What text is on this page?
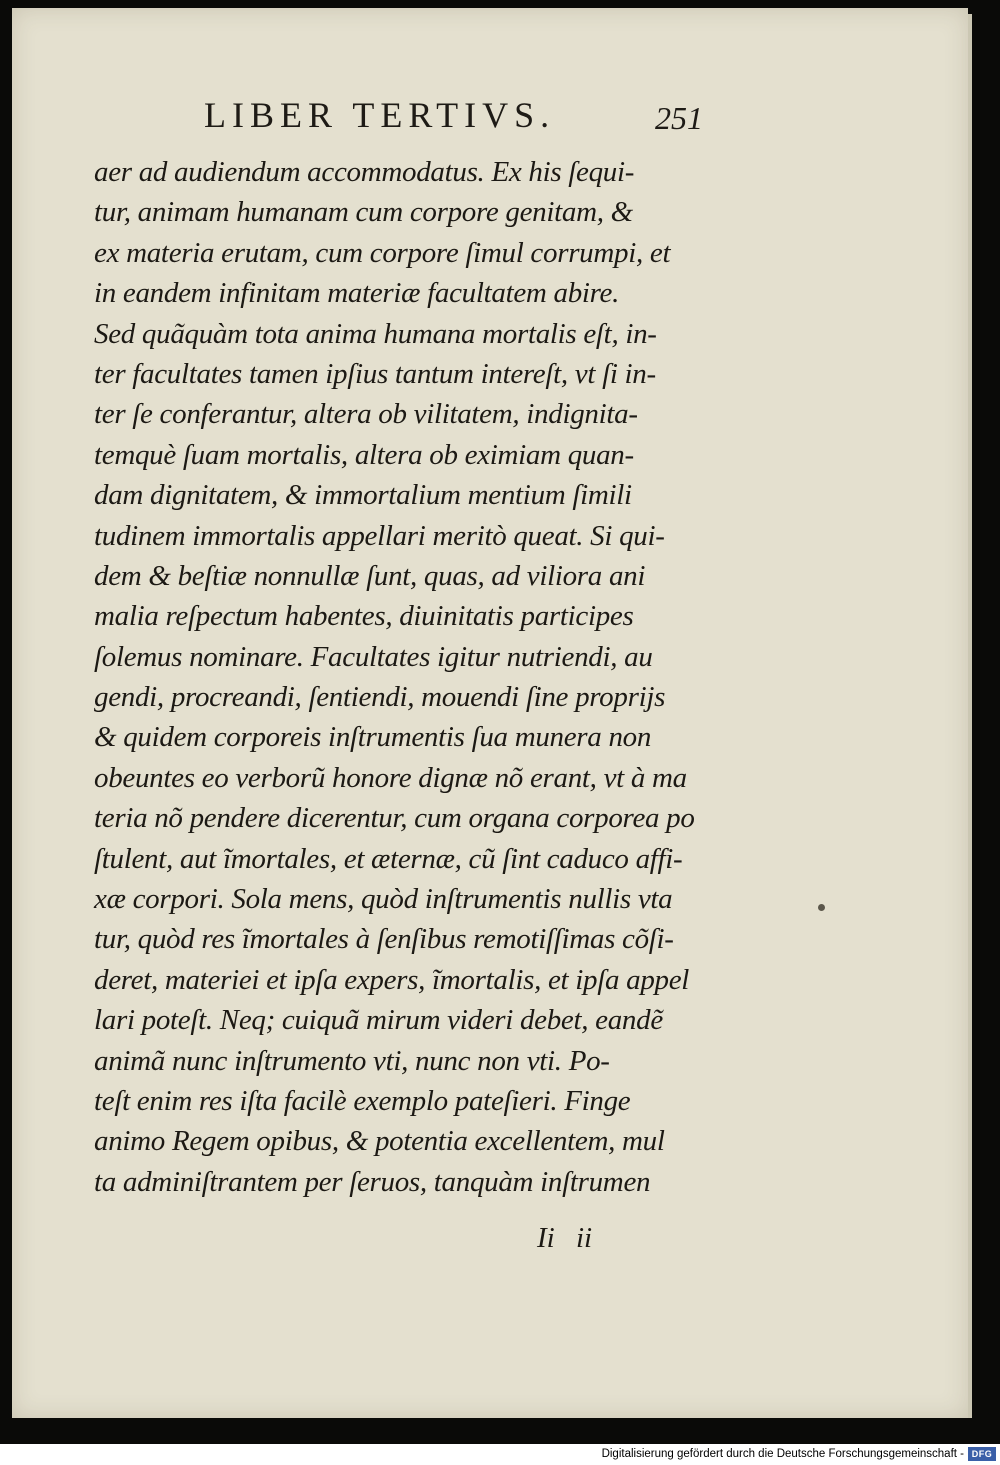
LIBER TERTIVS.	251
aer ad audiendum accommodatus. Ex his ſequi-
tur, animam humanam cum corpore genitam, &
ex materia erutam, cum corpore ſimul corrumpi, et
in eandem infinitam materiæ facultatem abire.
Sed quãquàm tota anima humana mortalis eſt, in-
ter facultates tamen ipſius tantum intereſt, vt ſi in-
ter ſe conferantur, altera ob vilitatem, indignita-
temquè ſuam mortalis, altera ob eximiam quan-
dam dignitatem, & immortalium mentium ſimili
tudinem immortalis appellari meritò queat. Si qui-
dem & beſtiæ nonnullæ ſunt, quas, ad viliora ani
malia reſpectum habentes, diuinitatis participes
ſolemus nominare. Facultates igitur nutriendi, au
gendi, procreandi, ſentiendi, mouendi ſine proprijs
& quidem corporeis inſtrumentis ſua munera non
obeuntes eo verborũ honore dignæ nõ erant, vt à ma
teria nõ pendere dicerentur, cum organa corporea po
ſtulent, aut ĩmortales, et æternæ, cũ ſint caduco affi-
xæ corpori. Sola mens, quòd inſtrumentis nullis vta
tur, quòd res ĩmortales à ſenſibus remotiſſimas cõſi-
deret, materiei et ipſa expers, ĩmortalis, et ipſa appel
lari poteſt. Neq; cuiquã mirum videri debet, eandẽ
animã nunc inſtrumento vti, nunc non vti. Po-
teſt enim res iſta facilè exemplo pateſieri. Finge
animo Regem opibus, & potentia excellentem, mul
ta adminiſtrantem per ſeruos, tanquàm inſtrumen
Ii ii
Digitalisierung gefördert durch die Deutsche Forschungsgemeinschaft - DFG
